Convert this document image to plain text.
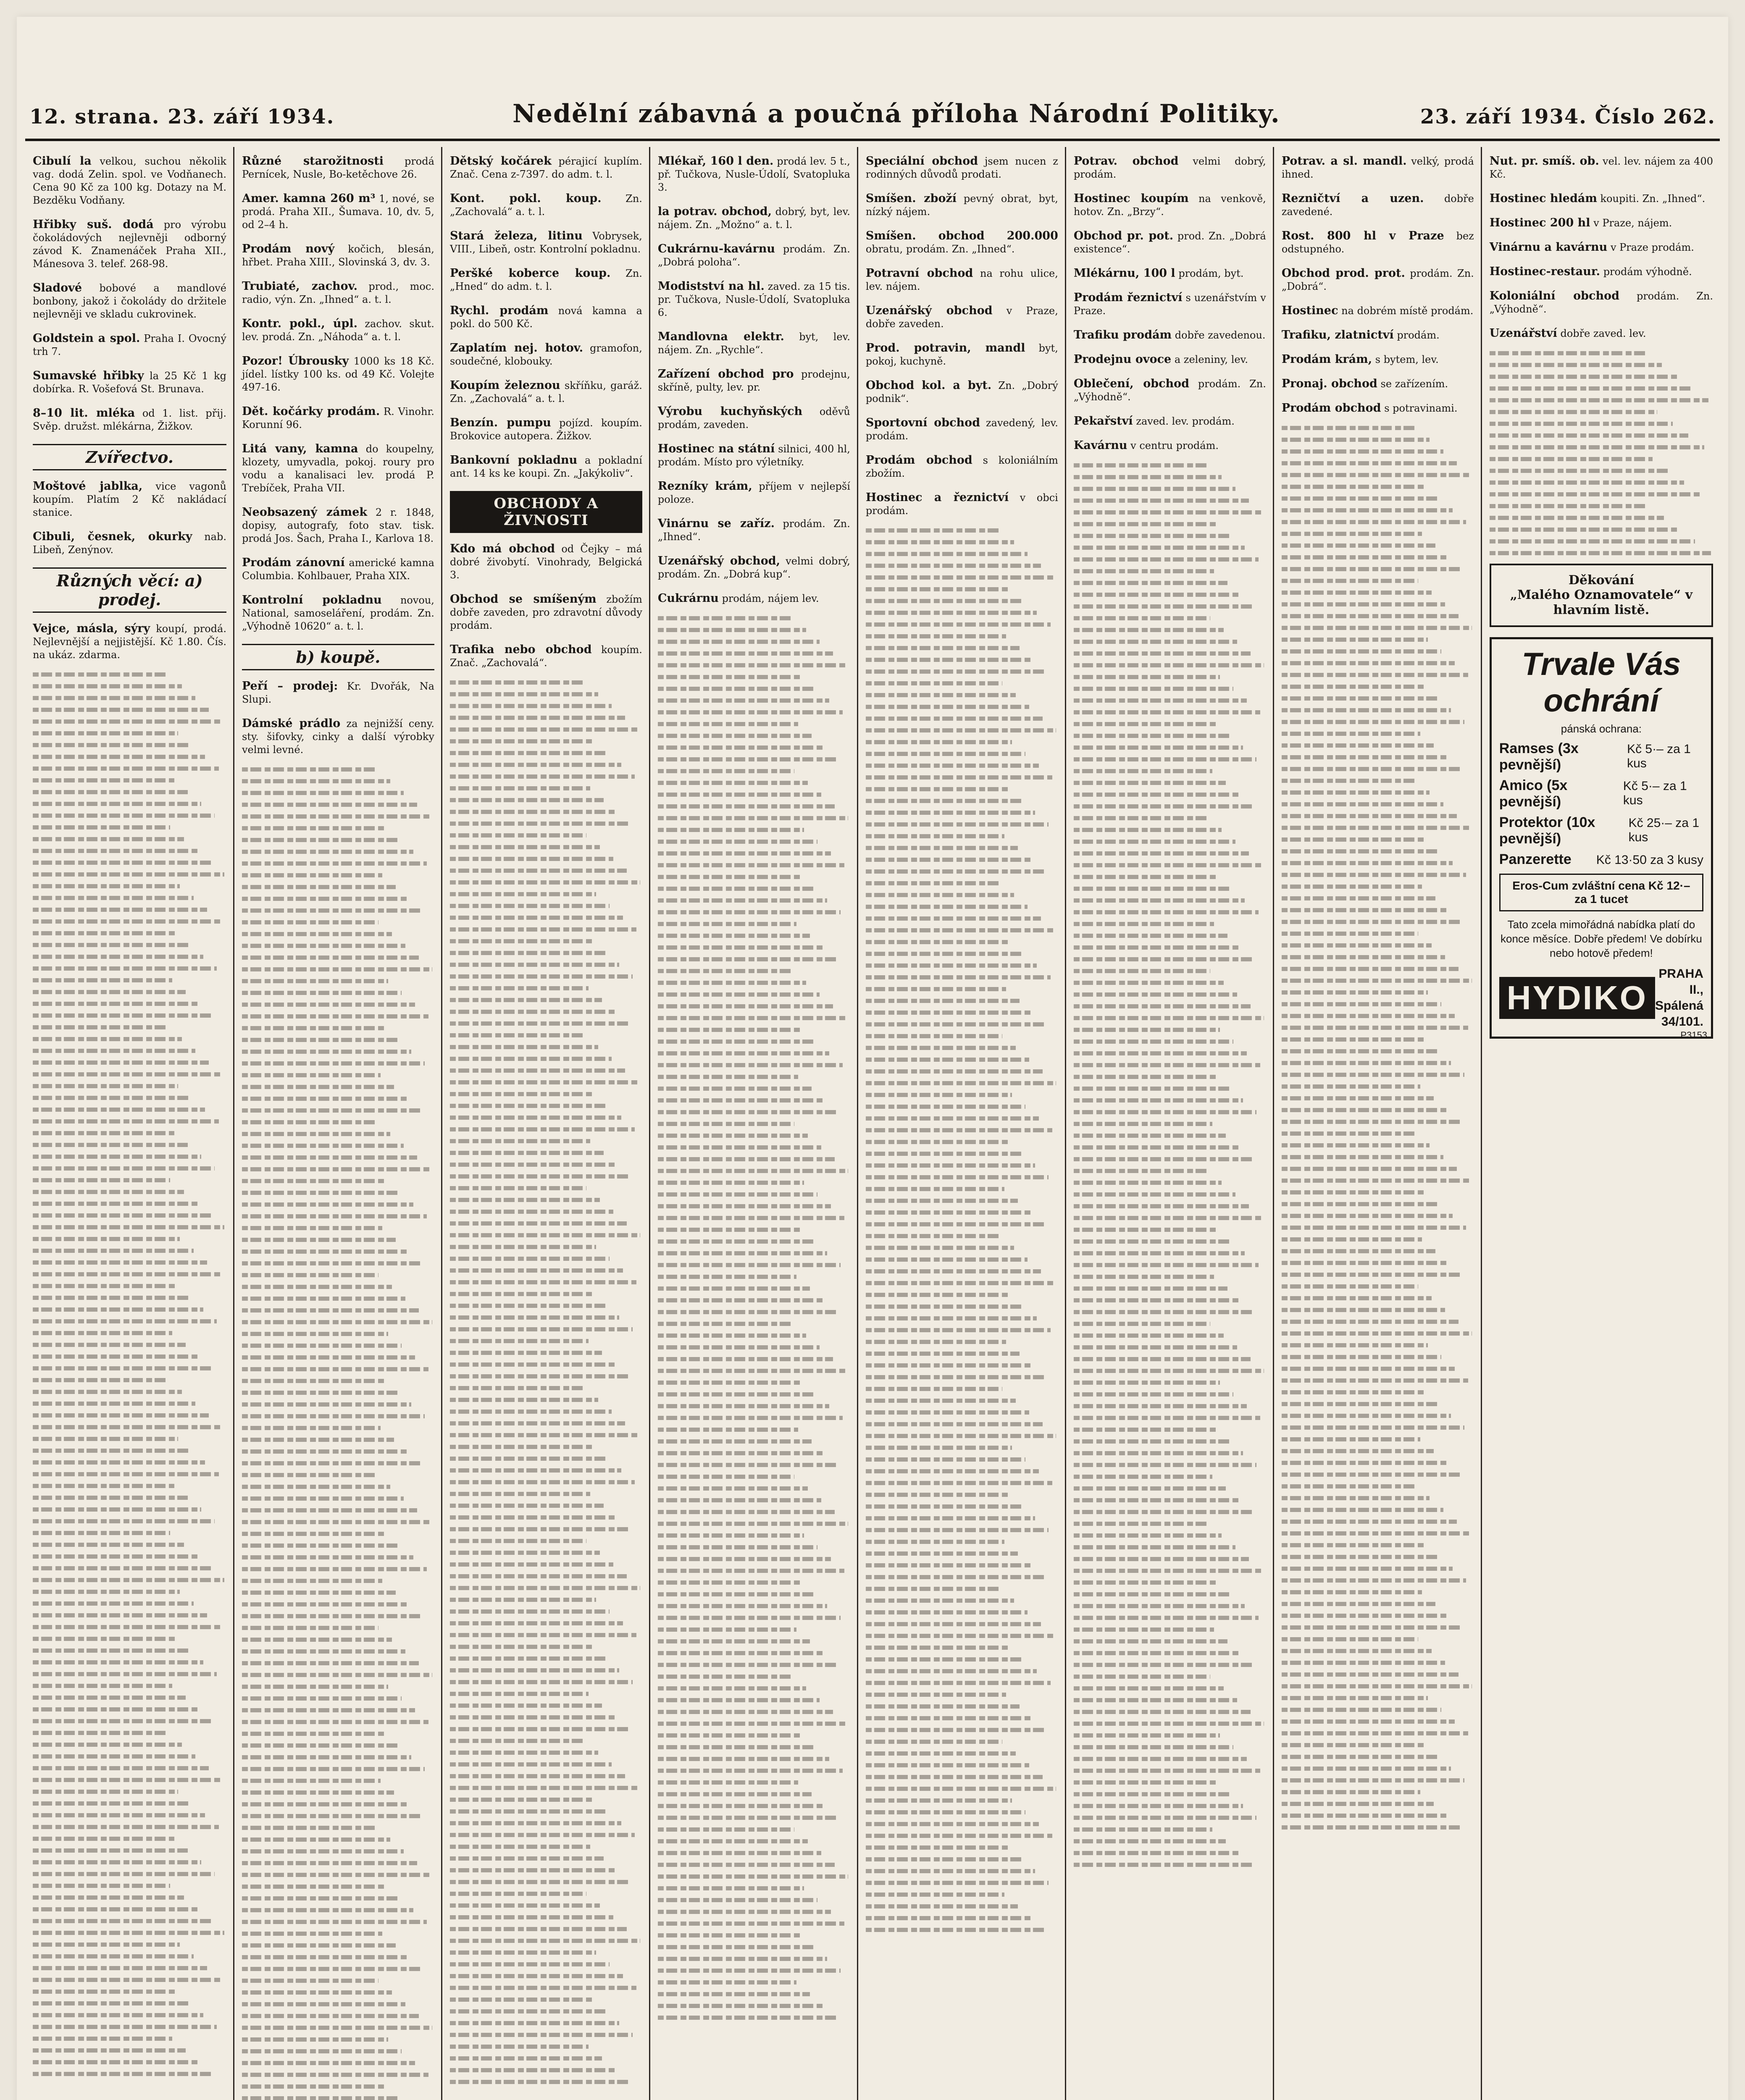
12. strana. 23. září 1934.	Nedělní zábavná a poučná příloha Národní Politiky.	23. září 1934. Číslo 262.
Cibulí la velkou, suchou několik vag. dodá Zelin. spol. ve Vodňanech. Cena 90 Kč za 100 kg. Dotazy na M. Bezděku Vodňany.
Hřibky suš. dodá pro výrobu čokoládových nejlevněji odborný závod K. Znamenáček Praha XII., Mánesova 3. telef. 268-98.
Sladové bobové a mandlové bonbony, jakož i čokolády do držitele nejlevněji ve skladu cukrovinek.
Goldstein a spol. Praha I. Ovocný trh 7.
Sumavské hřibky la 25 Kč 1 kg dobírka. R. Vošefová St. Brunava.
8–10 lit. mléka od 1. list. přij. Svěp. družst. mlékárna, Žižkov.
Zvířectvo.
Moštové jablka, vice vagonů koupím. Platím 2 Kč nakládací stanice.
Cibuli, česnek, okurky nab. Libeň, Zenýnov.
Různých věcí: a) prodej.
Vejce, másla, sýry koupí, prodá. Nejlevnější a nejjistější. Kč 1.80. Čís. na ukáz. zdarma.
Různé starožitnosti prodá Pernícek, Nusle, Bo-ketěchove 26.
Amer. kamna 260 m³ 1, nové, se prodá. Praha XII., Šumava. 10, dv. 5, od 2–4 h.
Prodám nový kočich, blesán, hřbet. Praha XIII., Slovinská 3, dv. 3.
Trubiaté, zachov. prod., moc. radio, výn. Zn. „Ihned“ a. t. l.
Kontr. pokl., úpl. zachov. skut. lev. prodá. Zn. „Náhoda“ a. t. l.
Pozor! Úbrousky 1000 ks 18 Kč. jídel. lístky 100 ks. od 49 Kč. Volejte 497-16.
Dět. kočárky prodám. R. Vinohr. Korunní 96.
Litá vany, kamna do koupelny, klozety, umyvadla, pokoj. roury pro vodu a kanalisaci lev. prodá P. Trebíček, Praha VII.
Neobsazený zámek 2 r. 1848, dopisy, autografy, foto stav. tisk. prodá Jos. Šach, Praha I., Karlova 18.
Prodám zánovní americké kamna Columbia. Kohlbauer, Praha XIX.
Kontrolní pokladnu novou, National, samoseláření, prodám. Zn. „Výhodně 10620“ a. t. l.
b) koupě.
Peří – prodej: Kr. Dvořák, Na Slupi.
Dámské prádlo za nejnižší ceny. sty. šifovky, cinky a další výrobky velmi levné.
Dětský kočárek pérajicí kuplím. Znač. Cena z-7397. do adm. t. l.
Kont. pokl. koup. Zn. „Zachovalá“ a. t. l.
Stará železa, litinu Vobrysek, VIII., Libeň, ostr. Kontrolní pokladnu.
Peršké koberce koup. Zn. „Hned“ do adm. t. l.
Rychl. prodám nová kamna a pokl. do 500 Kč.
Zaplatím nej. hotov. gramofon, soudečné, klobouky.
Koupím železnou skříňku, garáž. Zn. „Zachovalá“ a. t. l.
Benzín. pumpu pojízd. koupím. Brokovice autopera. Žižkov.
Bankovní pokladnu a pokladní ant. 14 ks ke koupi. Zn. „Jakýkoliv“.
OBCHODY A ŽIVNOSTI
Kdo má obchod od Čejky – má dobré živobytí. Vinohrady, Belgická 3.
Obchod se smíšeným zbožím dobře zaveden, pro zdravotní důvody prodám.
Trafika nebo obchod koupím. Znač. „Zachovalá“.
Mlékař, 160 l den. prodá lev. 5 t., př. Tučkova, Nusle-Údolí, Svatopluka 3.
la potrav. obchod, dobrý, byt, lev. nájem. Zn. „Možno“ a. t. l.
Cukrárnu-kavárnu prodám. Zn. „Dobrá poloha“.
Modistství na hl. zaved. za 15 tis. pr. Tučkova, Nusle-Údolí, Svatopluka 6.
Mandlovna elektr. byt, lev. nájem. Zn. „Rychle“.
Zařízení obchod pro prodejnu, skříně, pulty, lev. pr.
Výrobu kuchyňských oděvů prodám, zaveden.
Hostinec na státní silnici, 400 hl, prodám. Místo pro výletníky.
Rezníky krám, příjem v nejlepší poloze.
Vinárnu se zaříz. prodám. Zn. „Ihned“.
Uzenářský obchod, velmi dobrý, prodám. Zn. „Dobrá kup“.
Cukrárnu prodám, nájem lev.
Speciální obchod jsem nucen z rodinných důvodů prodati.
Smíšen. zboží pevný obrat, byt, nízký nájem.
Smíšen. obchod 200.000 obratu, prodám. Zn. „Ihned“.
Potravní obchod na rohu ulice, lev. nájem.
Uzenářský obchod v Praze, dobře zaveden.
Prod. potravin, mandl byt, pokoj, kuchyně.
Obchod kol. a byt. Zn. „Dobrý podnik“.
Sportovní obchod zavedený, lev. prodám.
Prodám obchod s koloniálním zbožím.
Hostinec a řeznictví v obci prodám.
Potrav. obchod velmi dobrý, prodám.
Hostinec koupím na venkově, hotov. Zn. „Brzy“.
Obchod pr. pot. prod. Zn. „Dobrá existence“.
Mlékárnu, 100 l prodám, byt.
Prodám řeznictví s uzenářstvím v Praze.
Trafiku prodám dobře zavedenou.
Prodejnu ovoce a zeleniny, lev.
Oblečení, obchod prodám. Zn. „Výhodně“.
Pekařství zaved. lev. prodám.
Kavárnu v centru prodám.
Potrav. a sl. mandl. velký, prodá ihned.
Rezničtví a uzen. dobře zavedené.
Rost. 800 hl v Praze bez odstupného.
Obchod prod. prot. prodám. Zn. „Dobrá“.
Hostinec na dobrém místě prodám.
Trafiku, zlatnictví prodám.
Prodám krám, s bytem, lev.
Pronaj. obchod se zařízením.
Prodám obchod s potravinami.
Nut. pr. smíš. ob. vel. lev. nájem za 400 Kč.
Hostinec hledám koupiti. Zn. „Ihned“.
Hostinec 200 hl v Praze, nájem.
Vinárnu a kavárnu v Praze prodám.
Hostinec-restaur. prodám výhodně.
Koloniální obchod prodám. Zn. „Výhodně“.
Uzenářství dobře zaved. lev.
Děkování
„Malého Oznamovatele“ v hlavním listě.
Trvale Vás ochrání
pánská ochrana:
Ramses (3x pevnější)
Kč 5·– za 1 kus
Amico (5x pevnější)
Kč 5·– za 1 kus
Protektor (10x pevnější)
Kč 25·– za 1 kus
Panzerette Kč 13·50 za 3 kusy
Eros-Cum zvláštní cena Kč 12·– za 1 tucet
Tato zcela mimořádná nabídka platí do konce měsíce. Dobře předem! Ve dobírku nebo hotově předem!
HYDIKO
PRAHA II., Spálená 34/101.
P3153
